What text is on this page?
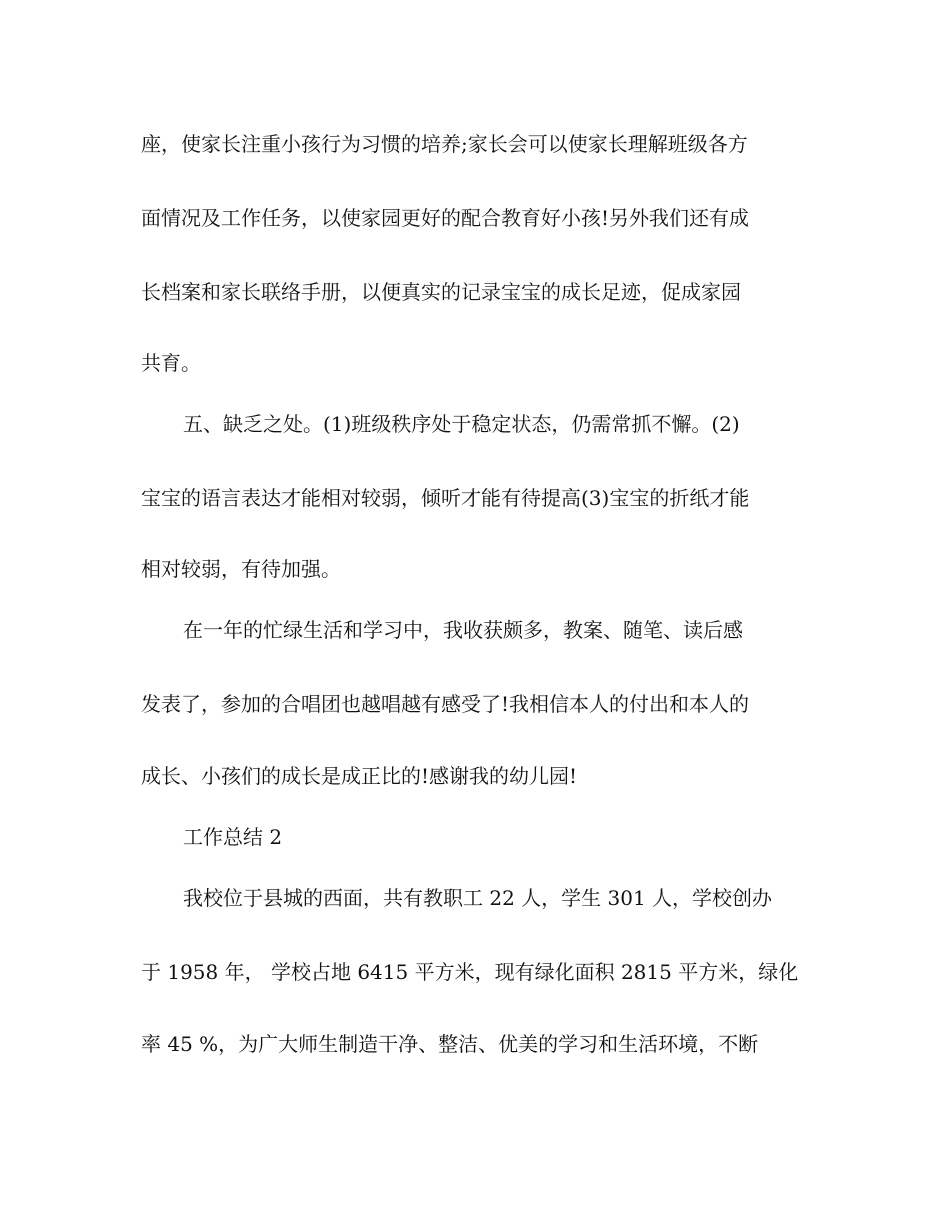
座，使家长注重小孩行为习惯的培养;家长会可以使家长理解班级各方
面情况及工作任务，以使家园更好的配合教育好小孩!另外我们还有成
长档案和家长联络手册，以便真实的记录宝宝的成长足迹，促成家园
共育。
五、缺乏之处。(1)班级秩序处于稳定状态，仍需常抓不懈。(2)
宝宝的语言表达才能相对较弱，倾听才能有待提高(3)宝宝的折纸才能
相对较弱，有待加强。
在一年的忙绿生活和学习中，我收获颇多，教案、随笔、读后感
发表了，参加的合唱团也越唱越有感受了!我相信本人的付出和本人的
成长、小孩们的成长是成正比的!感谢我的幼儿园!
工作总结 2
我校位于县城的西面，共有教职工 22 人，学生 301 人，学校创办
于 1958 年， 学校占地 6415 平方米，现有绿化面积 2815 平方米，绿化
率 45 %，为广大师生制造干净、整洁、优美的学习和生活环境，不断
